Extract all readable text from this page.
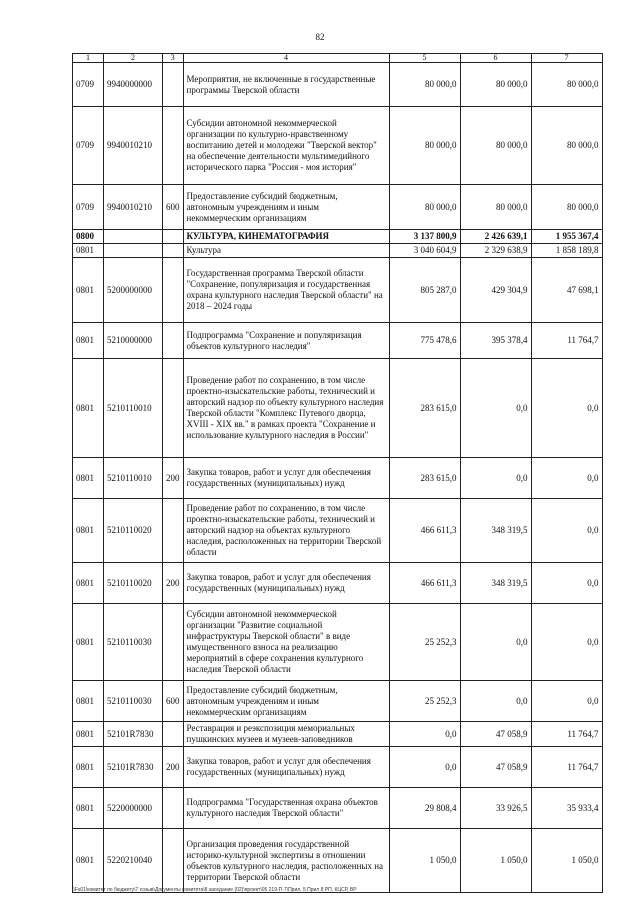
82
1	2	3	4	5	6	7
0709	9940000000		Мероприятия, не включенные в государственные программы Тверской области	80 000,0	80 000,0	80 000,0
0709	9940010210		Субсидии автономной некоммерческой организации по культурно-нравственному воспитанию детей и молодежи "Тверской вектор" на обеспечение деятельности мультимедийного исторического парка "Россия - моя история"	80 000,0	80 000,0	80 000,0
0709	9940010210	600	Предоставление субсидий бюджетным, автономным учреждениям и иным некоммерческим организациям	80 000,0	80 000,0	80 000,0
0800			КУЛЬТУРА, КИНЕМАТОГРАФИЯ	3 137 800,9	2 426 639,1	1 955 367,4
0801			Культура	3 040 604,9	2 329 638,9	1 858 189,8
0801	5200000000		Государственная программа Тверской области "Сохранение, популяризация и государственная охрана культурного наследия Тверской области" на 2018 – 2024 годы	805 287,0	429 304,9	47 698,1
0801	5210000000		Подпрограмма "Сохранение и популяризация объектов культурного наследия"	775 478,6	395 378,4	11 764,7
0801	5210110010		Проведение работ по сохранению, в том числе проектно-изыскательские работы, технический и авторский надзор по объекту культурного наследия Тверской области "Комплекс Путевого дворца, XVIII - XIX вв." в рамках проекта "Сохранение и использование культурного наследия в России"	283 615,0	0,0	0,0
0801	5210110010	200	Закупка товаров, работ и услуг для обеспечения государственных (муниципальных) нужд	283 615,0	0,0	0,0
0801	5210110020		Проведение работ по сохранению, в том числе проектно-изыскательские работы, технический и авторский надзор на объектах культурного наследия, расположенных на территории Тверской области	466 611,3	348 319,5	0,0
0801	5210110020	200	Закупка товаров, работ и услуг для обеспечения государственных (муниципальных) нужд	466 611,3	348 319,5	0,0
0801	5210110030		Субсидии автономной некоммерческой организации "Развитие социальной инфраструктуры Тверской области" в виде имущественного взноса на реализацию мероприятий в сфере сохранения культурного наследия Тверской области	25 252,3	0,0	0,0
0801	5210110030	600	Предоставление субсидий бюджетным, автономным учреждениям и иным некоммерческим организациям	25 252,3	0,0	0,0
0801	52101R7830		Реставрация и реэкспозиция мемориальных пушкинских музеев и музеев-заповедников	0,0	47 058,9	11 764,7
0801	52101R7830	200	Закупка товаров, работ и услуг для обеспечения государственных (муниципальных) нужд	0,0	47 058,9	11 764,7
0801	5220000000		Подпрограмма "Государственная охрана объектов культурного наследия Тверской области"	29 808,4	33 926,5	35 933,4
0801	5220210040		Организация проведения государственной историко-культурной экспертизы в отношении объектов культурного наследия, расположенных на территории Тверской области	1 050,0	1 050,0	1 050,0
\\Fs01\комитет по бюджету\7 созыв\Документы комитета\8 заседание (02)\проект\05 219-П-7\Прил. 5 Прил 8 РП, КЦСР, ВР
